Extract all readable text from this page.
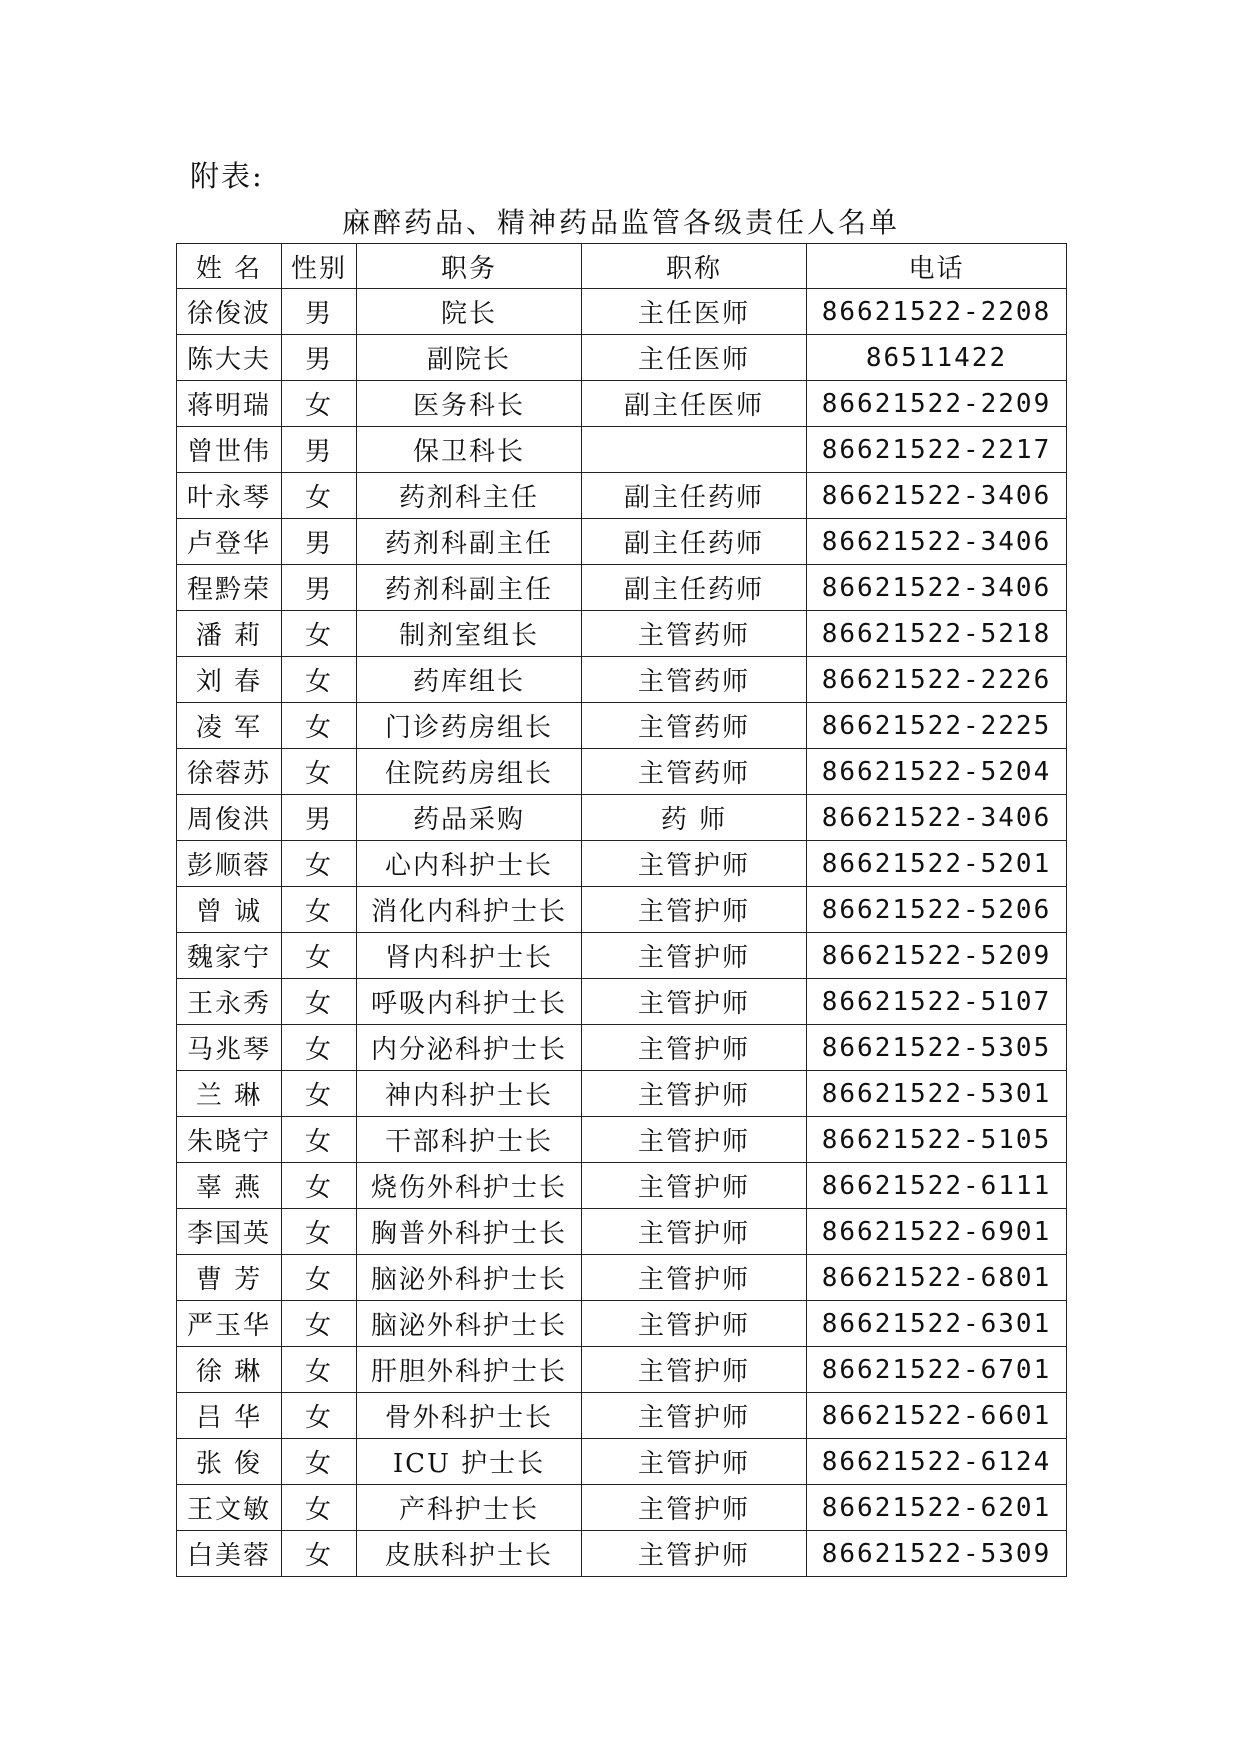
附表:
麻醉药品、精神药品监管各级责任人名单
姓 名	性别	职务	职称	电话
徐俊波	男	院长	主任医师	86621522-2208
陈大夫	男	副院长	主任医师	86511422
蒋明瑞	女	医务科长	副主任医师	86621522-2209
曾世伟	男	保卫科长		86621522-2217
叶永琴	女	药剂科主任	副主任药师	86621522-3406
卢登华	男	药剂科副主任	副主任药师	86621522-3406
程黔荣	男	药剂科副主任	副主任药师	86621522-3406
潘 莉	女	制剂室组长	主管药师	86621522-5218
刘 春	女	药库组长	主管药师	86621522-2226
凌 军	女	门诊药房组长	主管药师	86621522-2225
徐蓉苏	女	住院药房组长	主管药师	86621522-5204
周俊洪	男	药品采购	药 师	86621522-3406
彭顺蓉	女	心内科护士长	主管护师	86621522-5201
曾 诚	女	消化内科护士长	主管护师	86621522-5206
魏家宁	女	肾内科护士长	主管护师	86621522-5209
王永秀	女	呼吸内科护士长	主管护师	86621522-5107
马兆琴	女	内分泌科护士长	主管护师	86621522-5305
兰 琳	女	神内科护士长	主管护师	86621522-5301
朱晓宁	女	干部科护士长	主管护师	86621522-5105
辜 燕	女	烧伤外科护士长	主管护师	86621522-6111
李国英	女	胸普外科护士长	主管护师	86621522-6901
曹 芳	女	脑泌外科护士长	主管护师	86621522-6801
严玉华	女	脑泌外科护士长	主管护师	86621522-6301
徐 琳	女	肝胆外科护士长	主管护师	86621522-6701
吕 华	女	骨外科护士长	主管护师	86621522-6601
张 俊	女	ICU 护士长	主管护师	86621522-6124
王文敏	女	产科护士长	主管护师	86621522-6201
白美蓉	女	皮肤科护士长	主管护师	86621522-5309
